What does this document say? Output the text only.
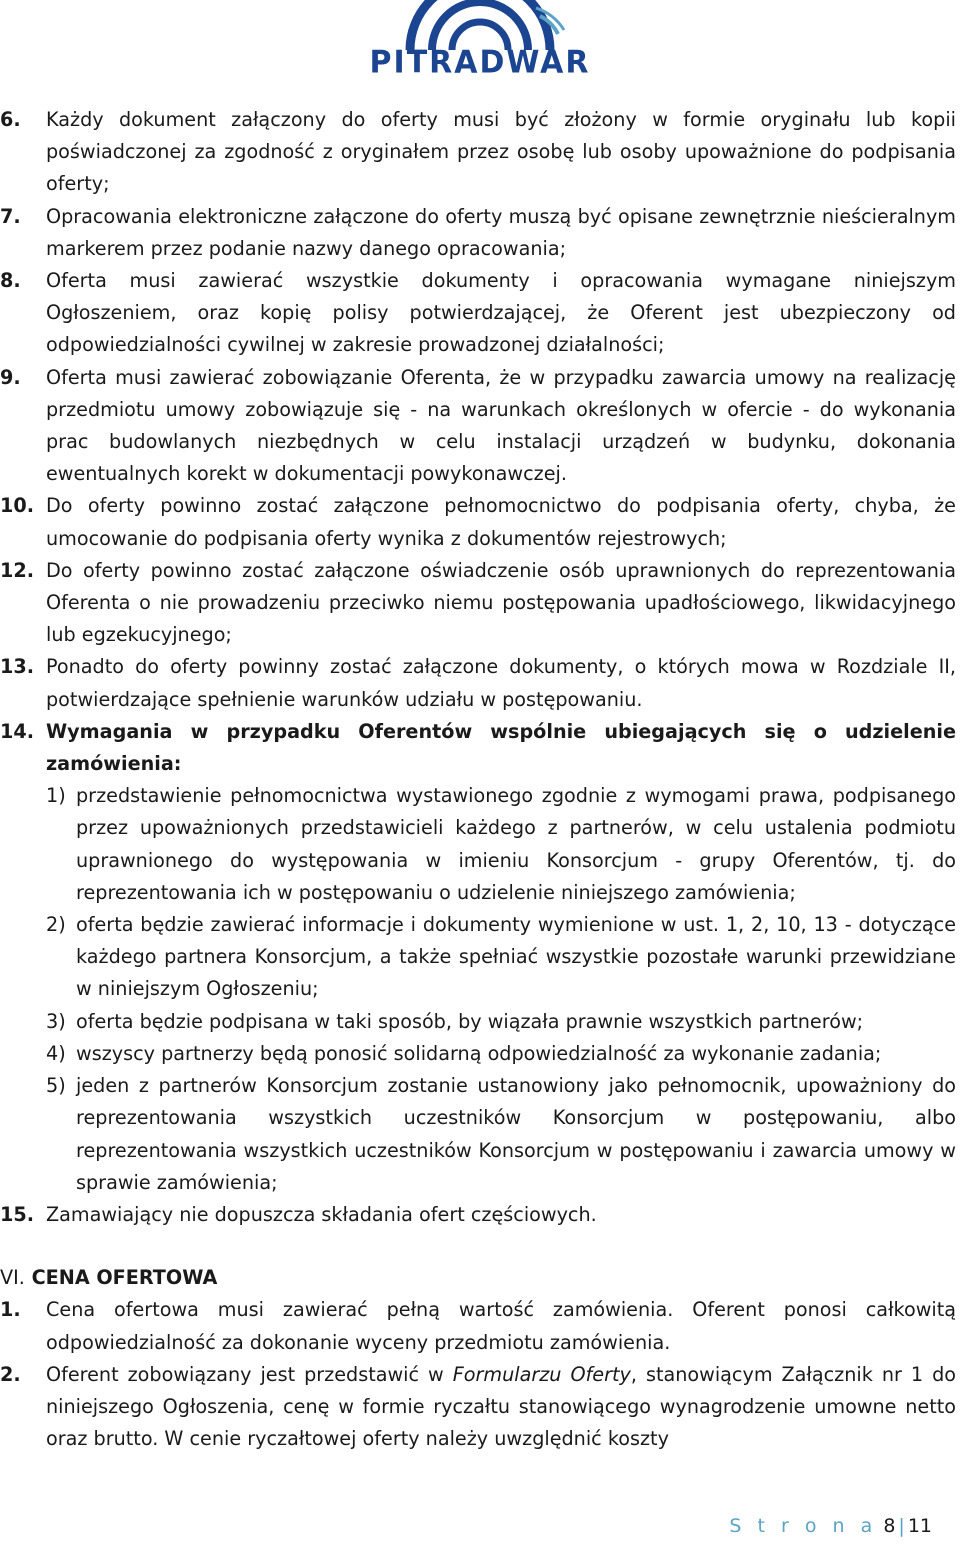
PITRADWAR
6.	Każdy dokument załączony do oferty musi być złożony w formie oryginału lub kopii poświadczonej za zgodność z oryginałem przez osobę lub osoby upoważnione do podpisania oferty;
7.	Opracowania elektroniczne załączone do oferty muszą być opisane zewnętrznie nieścieralnym markerem przez podanie nazwy danego opracowania;
8.	Oferta musi zawierać wszystkie dokumenty i opracowania wymagane niniejszym Ogłoszeniem, oraz kopię polisy potwierdzającej, że Oferent jest ubezpieczony od odpowiedzialności cywilnej w zakresie prowadzonej działalności;
9.	Oferta musi zawierać zobowiązanie Oferenta, że w przypadku zawarcia umowy na realizację przedmiotu umowy zobowiązuje się - na warunkach określonych w ofercie - do wykonania prac budowlanych niezbędnych w celu instalacji urządzeń w budynku, dokonania ewentualnych korekt w dokumentacji powykonawczej.
10. Do oferty powinno zostać załączone pełnomocnictwo do podpisania oferty, chyba, że umocowanie do podpisania oferty wynika z dokumentów rejestrowych;
12. Do oferty powinno zostać załączone oświadczenie osób uprawnionych do reprezentowania Oferenta o nie prowadzeniu przeciwko niemu postępowania upadłościowego, likwidacyjnego lub egzekucyjnego;
13. Ponadto do oferty powinny zostać załączone dokumenty, o których mowa w Rozdziale II, potwierdzające spełnienie warunków udziału w postępowaniu.
14. Wymagania w przypadku Oferentów wspólnie ubiegających się o udzielenie zamówienia:
1) przedstawienie pełnomocnictwa wystawionego zgodnie z wymogami prawa, podpisanego przez upoważnionych przedstawicieli każdego z partnerów, w celu ustalenia podmiotu uprawnionego do występowania w imieniu Konsorcjum - grupy Oferentów, tj. do reprezentowania ich w postępowaniu o udzielenie niniejszego zamówienia;
2) oferta będzie zawierać informacje i dokumenty wymienione w ust. 1, 2, 10, 13 - dotyczące każdego partnera Konsorcjum, a także spełniać wszystkie pozostałe warunki przewidziane w niniejszym Ogłoszeniu;
3) oferta będzie podpisana w taki sposób, by wiązała prawnie wszystkich partnerów;
4) wszyscy partnerzy będą ponosić solidarną odpowiedzialność za wykonanie zadania;
5) jeden z partnerów Konsorcjum zostanie ustanowiony jako pełnomocnik, upoważniony do reprezentowania wszystkich uczestników Konsorcjum w postępowaniu, albo reprezentowania wszystkich uczestników Konsorcjum w postępowaniu i zawarcia umowy w sprawie zamówienia;
15. Zamawiający nie dopuszcza składania ofert częściowych.
VI. CENA OFERTOWA
1.	Cena ofertowa musi zawierać pełną wartość zamówienia. Oferent ponosi całkowitą odpowiedzialność za dokonanie wyceny przedmiotu zamówienia.
2.	Oferent zobowiązany jest przedstawić w Formularzu Oferty, stanowiącym Załącznik nr 1 do niniejszego Ogłoszenia, cenę w formie ryczałtu stanowiącego wynagrodzenie umowne netto oraz brutto. W cenie ryczałtowej oferty należy uwzględnić koszty
S t r o n a 8 | 11
